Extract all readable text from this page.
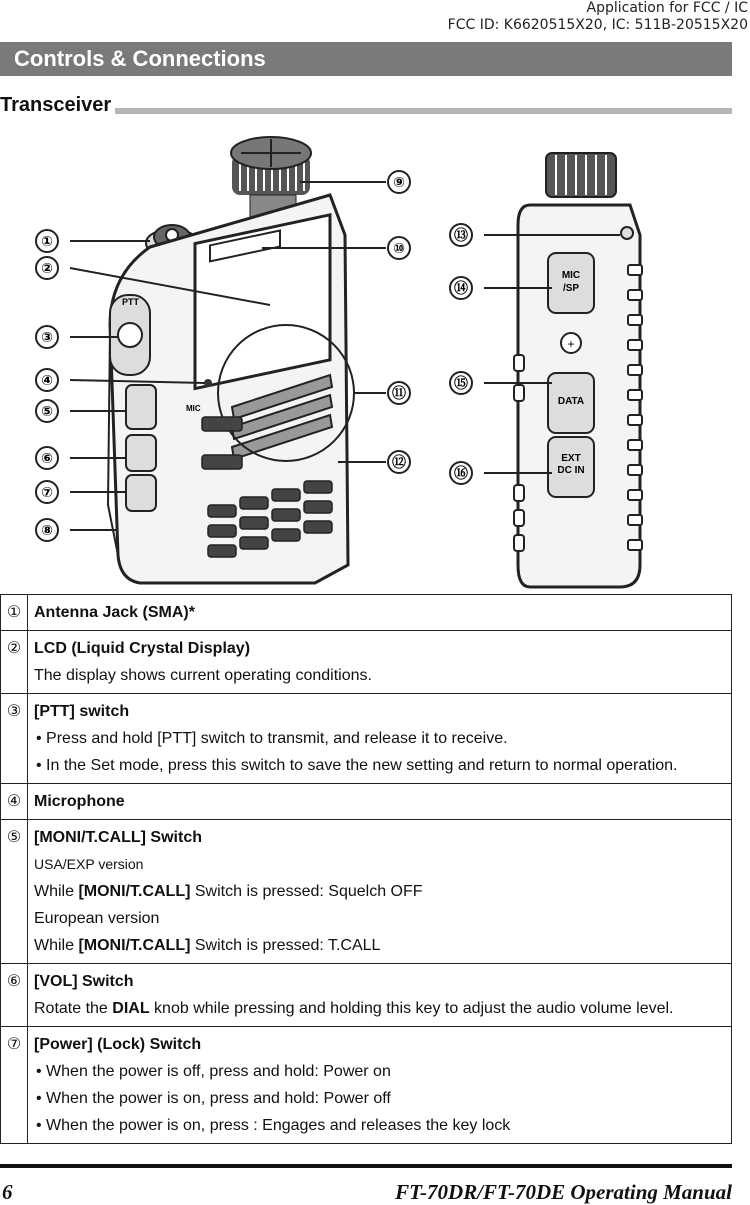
Application for FCC / IC
FCC ID: K6620515X20, IC: 511B-20515X20
Controls & Connections
Transceiver
MIC
PTT
①
②
③
④
⑤
⑥
⑦
⑧
⑨
⑩
⑪
⑫
MIC
/SP
+
DATA
EXT
DC IN
⑬
⑭
⑮
⑯
①	Antenna Jack (SMA)*
②	LCD (Liquid Crystal Display)
The display shows current operating conditions.

③	[PTT] switch
• Press and hold [PTT] switch to transmit, and release it to receive.
• In the Set mode, press this switch to save the new setting and return to normal operation.

④	Microphone
⑤	[MONI/T.CALL] Switch
USA/EXP version
While [MONI/T.CALL] Switch is pressed: Squelch OFF
European version
While [MONI/T.CALL] Switch is pressed: T.CALL

⑥	[VOL] Switch
Rotate the DIAL knob while pressing and holding this key to adjust the audio volume level.

⑦	[Power] (Lock) Switch
• When the power is off, press and hold: Power on
• When the power is on, press and hold: Power off
• When the power is on, press : Engages and releases the key lock
6	FT-70DR/FT-70DE Operating Manual
